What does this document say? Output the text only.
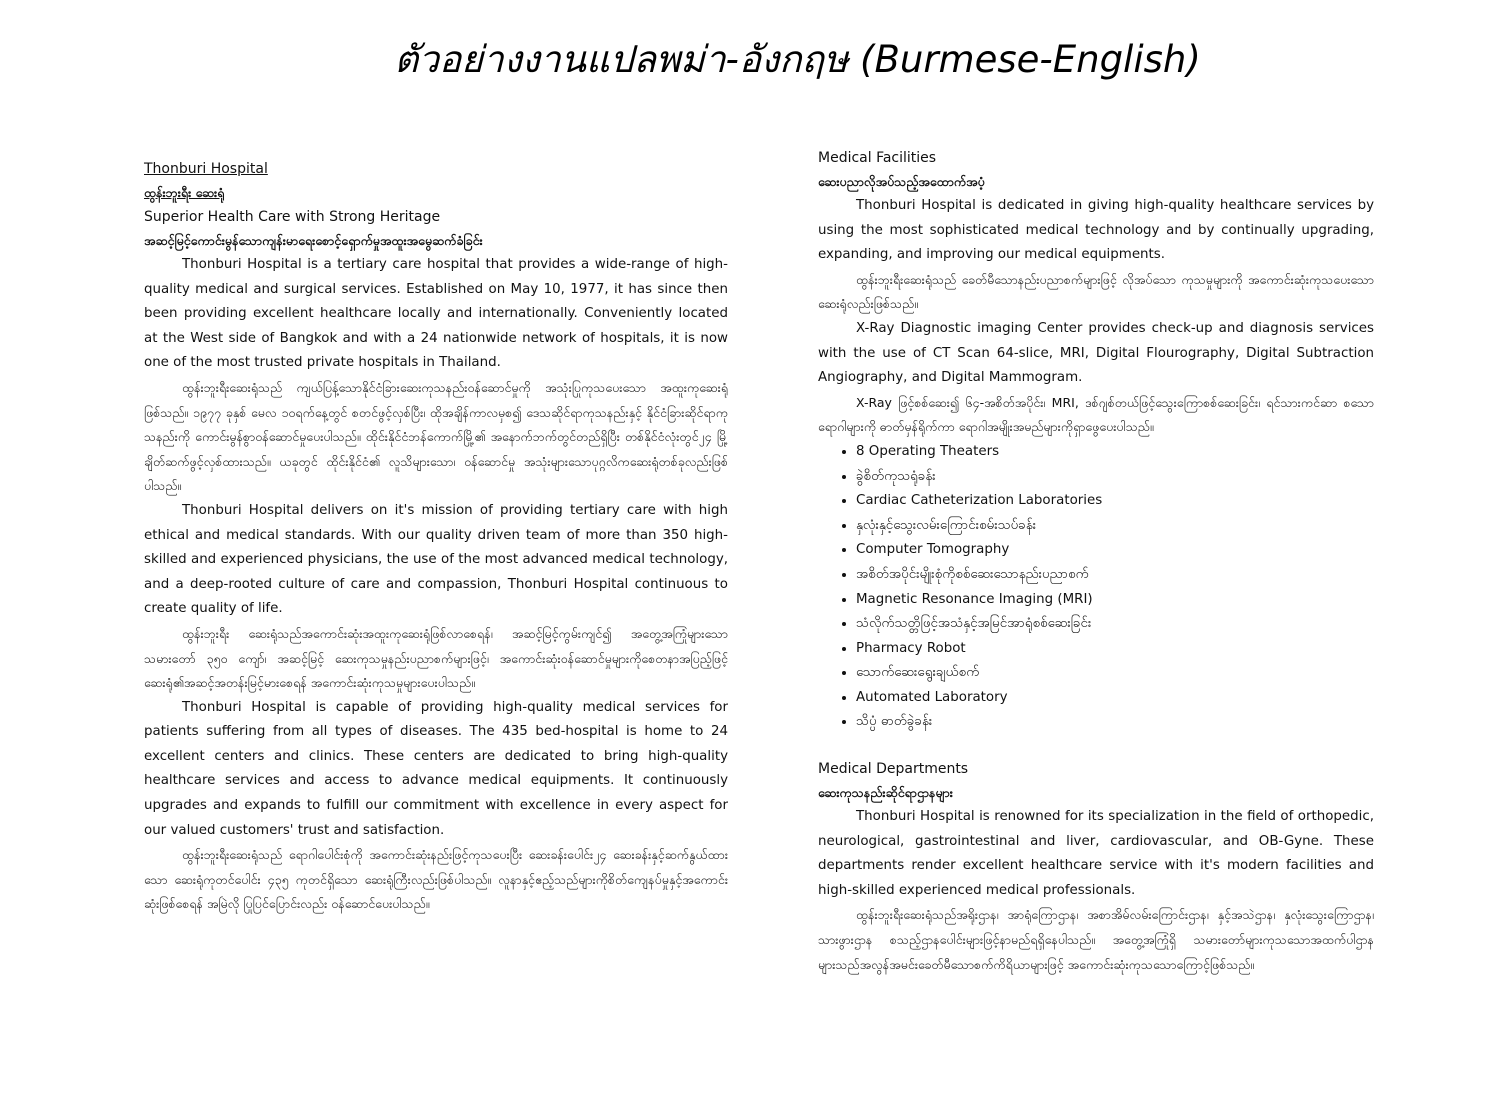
ตัวอย่างงานแปลพม่า-อังกฤษ (Burmese-English)
Thonburi Hospital
ထွန်းဘူးရီး ဆေးရုံ
Superior Health Care with Strong Heritage
အဆင့်မြင့်ကောင်းမွန်သောကျန်းမာရေးစောင့်ရှောက်မှုအထူးအမွေဆက်ခံခြင်း

Thonburi Hospital is a tertiary care hospital that provides a wide-range of high-quality medical and surgical services. Established on May 10, 1977, it has since then been providing excellent healthcare locally and internationally. Conveniently located at the West side of Bangkok and with a 24 nationwide network of hospitals, it is now one of the most trusted private hospitals in Thailand.

ထွန်းဘူးရီးဆေးရုံသည် ကျယ်ပြန့်သောနိုင်ငံခြားဆေးကုသနည်းဝန်ဆောင်မှုကို အသုံးပြုကုသပေးသော အထူးကုဆေးရုံဖြစ်သည်။ ၁၉၇၇ ခုနှစ် မေလ ၁၀ရက်နေ့တွင် စတင်ဖွင့်လှစ်ပြီး၊ ထိုအချိန်ကာလမှစ၍ ဒေသဆိုင်ရာကုသနည်းနှင့် နိုင်ငံခြားဆိုင်ရာကုသနည်းကို ကောင်းမွန်စွာဝန်ဆောင်မှုပေးပါသည်။ ထိုင်းနိုင်ငံဘန်ကောက်မြို့၏ အနောက်ဘက်တွင်တည်ရှိပြီး တစ်နိုင်ငံလုံးတွင်၂၄ မြို့ချိတ်ဆက်ဖွင့်လှစ်ထားသည်။ ယခုတွင် ထိုင်းနိုင်ငံ၏ လူသိများသော၊ ဝန်ဆောင်မှု အသုံးများသောပုဂ္ဂလိကဆေးရုံတစ်ခုလည်းဖြစ်ပါသည်။

Thonburi Hospital delivers on it's mission of providing tertiary care with high ethical and medical standards. With our quality driven team of more than 350 high-skilled and experienced physicians, the use of the most advanced medical technology, and a deep-rooted culture of care and compassion, Thonburi Hospital continuous to create quality of life.

ထွန်းဘူးရီး ဆေးရုံသည်အကောင်းဆုံးအထူးကုဆေးရုံဖြစ်လာစေရန်၊ အဆင့်မြင့်ကွမ်းကျင်၍ အတွေ့အကြုံများသောသမားတော် ၃၅၀ ကျော်၊ အဆင့်မြင့် ဆေးကုသမှုနည်းပညာစက်များဖြင့်၊ အကောင်းဆုံးဝန်ဆောင်မှုများကိုစေတနာအပြည့်ဖြင့် ဆေးရုံ၏အဆင့်အတန်းမြင့်မားစေရန် အကောင်းဆုံးကုသမှုများပေးပါသည်။

Thonburi Hospital is capable of providing high-quality medical services for patients suffering from all types of diseases. The 435 bed-hospital is home to 24 excellent centers and clinics. These centers are dedicated to bring high-quality healthcare services and access to advance medical equipments. It continuously upgrades and expands to fulfill our commitment with excellence in every aspect for our valued customers' trust and satisfaction.

ထွန်းဘူးရီးဆေးရုံသည် ရောဂါပေါင်းစုံကို အကောင်းဆုံးနည်းဖြင့်ကုသပေးပြီး ဆေးခန်းပေါင်း၂၄ ဆေးခန်းနှင့်ဆက်နွယ်ထားသော ဆေးရုံကုတင်ပေါင်း ၄၃၅ ကုတင်ရှိသော ဆေးရုံကြီးလည်းဖြစ်ပါသည်။ လူနာနှင့်ဧည့်သည်များကိုစိတ်ကျေနပ်မှုနှင့်အကောင်းဆုံးဖြစ်စေရန် အမြဲလို ပြုပြင်ပြောင်းလည်း ဝန်ဆောင်ပေးပါသည်။

Medical Facilities
ဆေးပညာလိုအပ်သည့်အထောက်အပံ့

Thonburi Hospital is dedicated in giving high-quality healthcare services by using the most sophisticated medical technology and by continually upgrading, expanding, and improving our medical equipments.

ထွန်းဘူးရီးဆေးရုံသည် ခေတ်မီသောနည်းပညာစက်များဖြင့် လိုအပ်သော ကုသမှုများကို အကောင်းဆုံးကုသပေးသောဆေးရုံလည်းဖြစ်သည်။

X-Ray Diagnostic imaging Center provides check-up and diagnosis services with the use of CT Scan 64-slice, MRI, Digital Flourography, Digital Subtraction Angiography, and Digital Mammogram.

X-Ray ဖြင့်စစ်ဆေး၍ ၆၄-အစိတ်အပိုင်း၊ MRI, ဒစ်ဂျစ်တယ်ဖြင့်သွေးကြောစစ်ဆေးခြင်း၊ ရင်သားကင်ဆာ စသောရောဂါများကို ဓာတ်မှန်ရိုက်ကာ ရောဂါအမျိုးအမည်များကိုရှာဖွေပေးပါသည်။

• 8 Operating Theaters
• ခွဲစိတ်ကုသရုံခန်း
• Cardiac Catheterization Laboratories
• နှလုံးနှင့်သွေးလမ်းကြောင်းစမ်းသပ်ခန်း
• Computer Tomography
• အစိတ်အပိုင်းမျိုးစုံကိုစစ်ဆေးသောနည်းပညာစက်
• Magnetic Resonance Imaging (MRI)
• သံလိုက်သတ္တိဖြင့်အသံနှင့်အမြင်အာရုံစစ်ဆေးခြင်း
• Pharmacy Robot
• သောက်ဆေးရွေးချယ်စက်
• Automated Laboratory
• သိပ္ပံ ဓာတ်ခွဲခန်း
Medical Departments
ဆေးကုသနည်းဆိုင်ရာဌာနများ

Thonburi Hospital is renowned for its specialization in the field of orthopedic, neurological, gastrointestinal and liver, cardiovascular, and OB-Gyne. These departments render excellent healthcare service with it's modern facilities and high-skilled experienced medical professionals.

ထွန်းဘူးရီးဆေးရုံသည်အရိုးဌာန၊ အာရုံကြောဌာန၊ အစာအိမ်လမ်းကြောင်းဌာန၊ နှင့်အသဲဌာန၊ နှလုံးသွေးကြောဌာန၊ သားဖွားဌာန စသည့်ဌာနပေါင်းများဖြင့်နာမည်ရရှိနေပါသည်။ အတွေ့အကြုံရှိ သမားတော်များကုသသောအထက်ပါဌာနများသည်အလွန်အမင်းခေတ်မီသောစက်ကိရိယာများဖြင့် အကောင်းဆုံးကုသသောကြောင့်ဖြစ်သည်။
